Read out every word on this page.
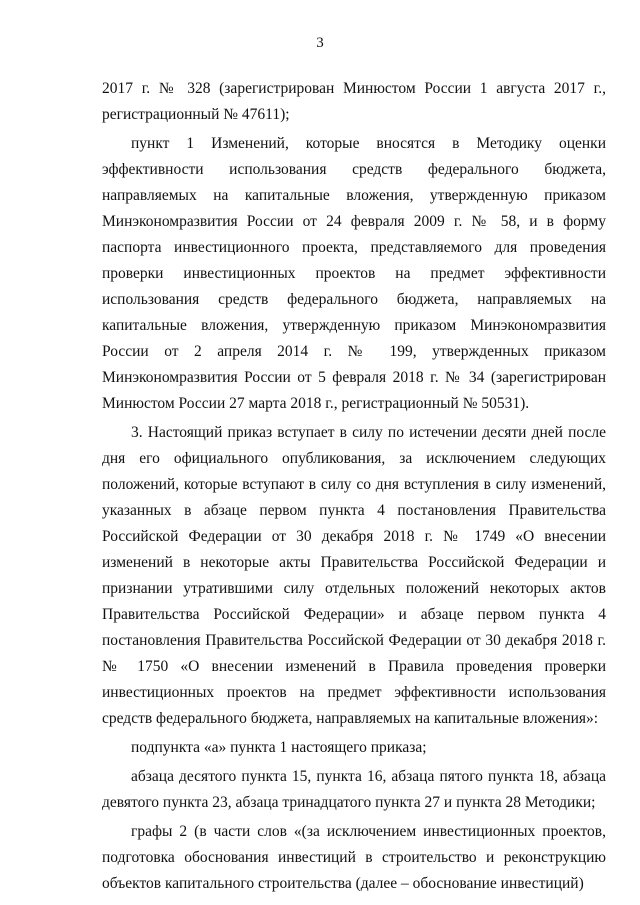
3

2017 г. № 328 (зарегистрирован Минюстом России 1 августа 2017 г., регистрационный № 47611);

пункт 1 Изменений, которые вносятся в Методику оценки эффективности использования средств федерального бюджета, направляемых на капитальные вложения, утвержденную приказом Минэкономразвития России от 24 февраля 2009 г. № 58, и в форму паспорта инвестиционного проекта, представляемого для проведения проверки инвестиционных проектов на предмет эффективности использования средств федерального бюджета, направляемых на капитальные вложения, утвержденную приказом Минэкономразвития России от 2 апреля 2014 г. № 199, утвержденных приказом Минэкономразвития России от 5 февраля 2018 г. № 34 (зарегистрирован Минюстом России 27 марта 2018 г., регистрационный № 50531).

3. Настоящий приказ вступает в силу по истечении десяти дней после дня его официального опубликования, за исключением следующих положений, которые вступают в силу со дня вступления в силу изменений, указанных в абзаце первом пункта 4 постановления Правительства Российской Федерации от 30 декабря 2018 г. № 1749 «О внесении изменений в некоторые акты Правительства Российской Федерации и признании утратившими силу отдельных положений некоторых актов Правительства Российской Федерации» и абзаце первом пункта 4 постановления Правительства Российской Федерации от 30 декабря 2018 г. № 1750 «О внесении изменений в Правила проведения проверки инвестиционных проектов на предмет эффективности использования средств федерального бюджета, направляемых на капитальные вложения»:

подпункта «а» пункта 1 настоящего приказа;

абзаца десятого пункта 15, пункта 16, абзаца пятого пункта 18, абзаца девятого пункта 23, абзаца тринадцатого пункта 27 и пункта 28 Методики;

графы 2 (в части слов «(за исключением инвестиционных проектов, подготовка обоснования инвестиций в строительство и реконструкцию объектов капитального строительства (далее – обоснование инвестиций)
